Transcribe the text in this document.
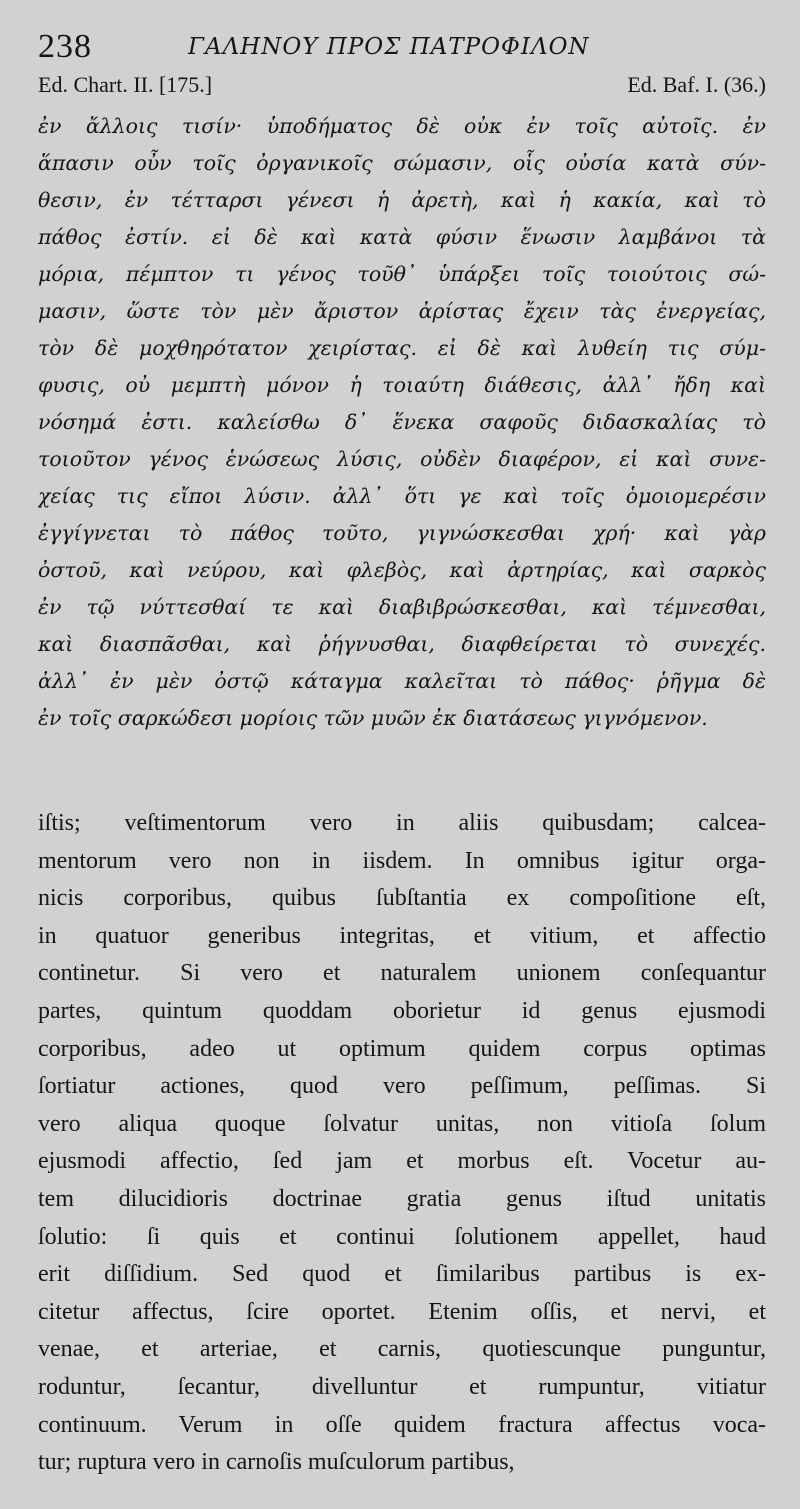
238	ΓΑΛΗΝΟΥ ΠΡΟΣ ΠΑΤΡΟΦΙΛΟΝ
Ed. Chart. II. [175.]	Ed. Baf. I. (36.)
ἐν ἄλλοις τισίν· ὑποδήματος δὲ οὐκ ἐν τοῖς αὐτοῖς. ἐν
ἅπασιν οὖν τοῖς ὀργανικοῖς σώμασιν, οἷς οὐσία κατὰ σύν-
θεσιν, ἐν τέτταρσι γένεσι ἡ ἀρετὴ, καὶ ἡ κακία, καὶ τὸ
πάθος ἐστίν. εἰ δὲ καὶ κατὰ φύσιν ἕνωσιν λαμβάνοι τὰ
μόρια, πέμπτον τι γένος τοῦθ᾽ ὑπάρξει τοῖς τοιούτοις σώ-
μασιν, ὥστε τὸν μὲν ἄριστον ἀρίστας ἔχειν τὰς ἐνεργείας,
τὸν δὲ μοχθηρότατον χειρίστας. εἰ δὲ καὶ λυθείη τις σύμ-
φυσις, οὐ μεμπτὴ μόνον ἡ τοιαύτη διάθεσις, ἀλλ᾽ ἤδη καὶ
νόσημά ἐστι. καλείσθω δ᾽ ἕνεκα σαφοῦς διδασκαλίας τὸ
τοιοῦτον γένος ἑνώσεως λύσις, οὐδὲν διαφέρον, εἰ καὶ συνε-
χείας τις εἴποι λύσιν. ἀλλ᾽ ὅτι γε καὶ τοῖς ὁμοιομερέσιν
ἐγγίγνεται τὸ πάθος τοῦτο, γιγνώσκεσθαι χρή· καὶ γὰρ
ὀστοῦ, καὶ νεύρου, καὶ φλεβὸς, καὶ ἀρτηρίας, καὶ σαρκὸς
ἐν τῷ νύττεσθαί τε καὶ διαβιβρώσκεσθαι, καὶ τέμνεσθαι,
καὶ διασπᾶσθαι, καὶ ῥήγνυσθαι, διαφθείρεται τὸ συνεχές.
ἀλλ᾽ ἐν μὲν ὀστῷ κάταγμα καλεῖται τὸ πάθος· ῥῆγμα δὲ
ἐν τοῖς σαρκώδεσι μορίοις τῶν μυῶν ἐκ διατάσεως γιγνόμενον.
iſtis; veſtimentorum vero in aliis quibusdam; calcea-
mentorum vero non in iisdem. In omnibus igitur orga-
nicis corporibus, quibus ſubſtantia ex compoſitione eſt,
in quatuor generibus integritas, et vitium, et affectio
continetur. Si vero et naturalem unionem conſequantur
partes, quintum quoddam oborietur id genus ejusmodi
corporibus, adeo ut optimum quidem corpus optimas
ſortiatur actiones, quod vero peſſimum, peſſimas. Si
vero aliqua quoque ſolvatur unitas, non vitioſa ſolum
ejusmodi affectio, ſed jam et morbus eſt. Vocetur au-
tem dilucidioris doctrinae gratia genus iſtud unitatis
ſolutio: ſi quis et continui ſolutionem appellet, haud
erit diſſidium. Sed quod et ſimilaribus partibus is ex-
citetur affectus, ſcire oportet. Etenim oſſis, et nervi, et
venae, et arteriae, et carnis, quotiescunque punguntur,
roduntur, ſecantur, divelluntur et rumpuntur, vitiatur
continuum. Verum in oſſe quidem fractura affectus voca-
tur; ruptura vero in carnoſis muſculorum partibus,
